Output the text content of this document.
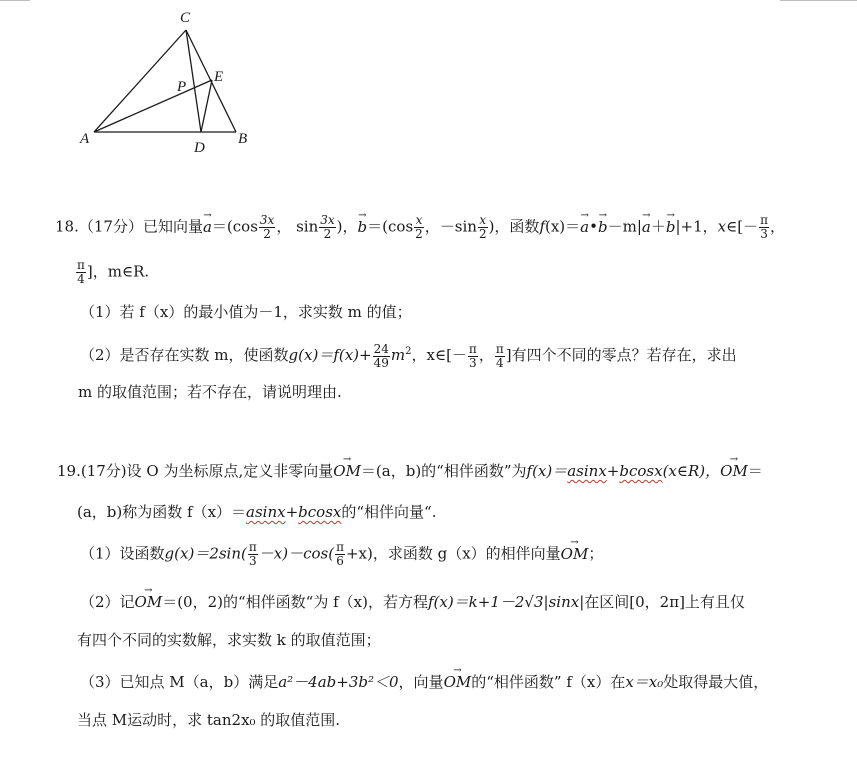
C
E
P
A
D
B
18.（17分）已知向量→ $a=(\cos \frac{3x}{2}$ ， $\sin \frac{3x}{2}$ )，→ $b=(\cos \frac{x}{2}$ ，$-\sin \frac{x}{2}$ )，函数f(x)＝→ a•→ b－m|→ a＋→ b|+1，x∈[－ $\frac{\pi}{3}$ ，
$\frac{\pi}{4}$ ]，m∈R.
（1）若 f（x）的最小值为－1，求实数 m 的值；
（2）是否存在实数 m，使函数$g(x)=f(x)+ \frac{24}{49} m^2$，x∈[－ $\frac{\pi}{3}$ ， $\frac{\pi}{4}$ ]有四个不同的零点？若存在，求出
m 的取值范围；若不存在，请说明理由.
19.(17分)设 O 为坐标原点,定义非零向量→ OM＝(a，b)的“相伴函数”为f(x)＝asinx+bcosx(x∈R)，→ OM＝
(a，b)称为函数 f（x）＝asinx+bcosx的“相伴向量“.
（1）设函数$g(x)=2\sin( \frac{\pi}{3} -x)-\cos( \frac{\pi}{6} +x)$，求函数 g（x）的相伴向量→ OM；
（2）记→ OM＝(0，2)的“相伴函数“为 f（x)，若方程f(x)＝k+1－2√3|sinx|在区间[0，2π]上有且仅
有四个不同的实数解，求实数 k 的取值范围；
（3）已知点 M（a，b）满足a²－4ab+3b²＜0，向量→ OM的“相伴函数” f（x）在x＝x₀处取得最大值，
当点 M运动时，求 tan2x₀ 的取值范围.
